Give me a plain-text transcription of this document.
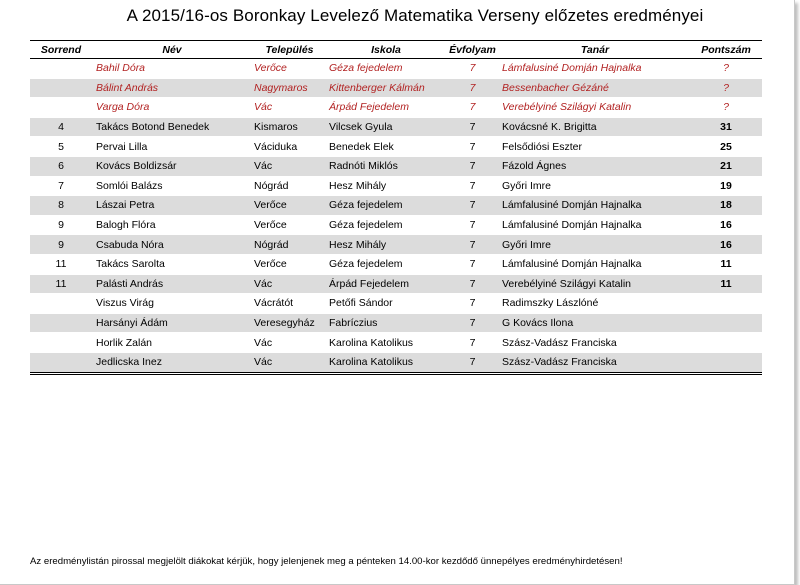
A 2015/16-os Boronkay Levelező Matematika Verseny előzetes eredményei
Sorrend	Név	Település	Iskola	Évfolyam	Tanár	Pontszám
	Bahil Dóra	Verőce	Géza fejedelem	7	Lámfalusiné Domján Hajnalka	?
	Bálint András	Nagymaros	Kittenberger Kálmán	7	Bessenbacher Gézáné	?
	Varga Dóra	Vác	Árpád Fejedelem	7	Verebélyiné Szilágyi Katalin	?
4	Takács Botond Benedek	Kismaros	Vilcsek Gyula	7	Kovácsné K. Brigitta	31
5	Pervai Lilla	Váciduka	Benedek Elek	7	Felsődiósi Eszter	25
6	Kovács Boldizsár	Vác	Radnóti Miklós	7	Fázold Ágnes	21
7	Somlói Balázs	Nógrád	Hesz Mihály	7	Győri Imre	19
8	Lászai Petra	Verőce	Géza fejedelem	7	Lámfalusiné Domján Hajnalka	18
9	Balogh Flóra	Verőce	Géza fejedelem	7	Lámfalusiné Domján Hajnalka	16
9	Csabuda Nóra	Nógrád	Hesz Mihály	7	Győri Imre	16
11	Takács Sarolta	Verőce	Géza fejedelem	7	Lámfalusiné Domján Hajnalka	11
11	Palásti András	Vác	Árpád Fejedelem	7	Verebélyiné Szilágyi Katalin	11
	Viszus Virág	Vácrátót	Petőfi Sándor	7	Radimszky Lászlóné	
	Harsányi Ádám	Veresegyház	Fabríczius	7	G Kovács Ilona	
	Horlik Zalán	Vác	Karolina Katolikus	7	Szász-Vadász Franciska	
	Jedlicska Inez	Vác	Karolina Katolikus	7	Szász-Vadász Franciska	
Az eredménylistán pirossal megjelölt diákokat kérjük, hogy jelenjenek meg a pénteken 14.00-kor kezdődő ünnepélyes eredményhirdetésen!
